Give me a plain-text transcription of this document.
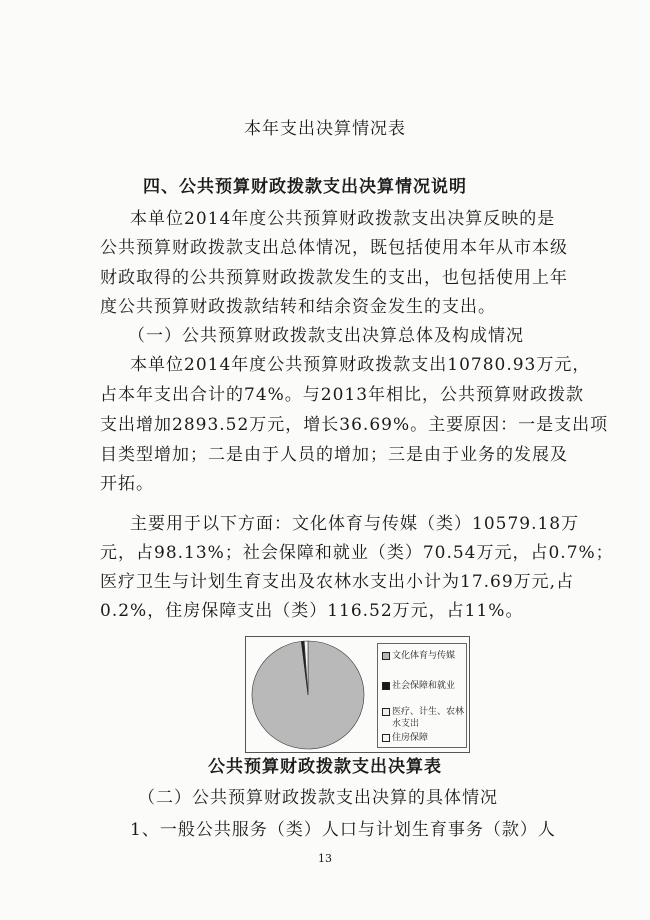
本年支出决算情况表
四、公共预算财政拨款支出决算情况说明
本单位2014年度公共预算财政拨款支出决算反映的是
公共预算财政拨款支出总体情况，既包括使用本年从市本级
财政取得的公共预算财政拨款发生的支出，也包括使用上年
度公共预算财政拨款结转和结余资金发生的支出。
（一）公共预算财政拨款支出决算总体及构成情况
本单位2014年度公共预算财政拨款支出10780.93万元，
占本年支出合计的74%。与2013年相比，公共预算财政拨款
支出增加2893.52万元，增长36.69%。主要原因：一是支出项
目类型增加；二是由于人员的增加；三是由于业务的发展及
开拓。
主要用于以下方面：文化体育与传媒（类）10579.18万
元，占98.13%；社会保障和就业（类）70.54万元，占0.7%；
医疗卫生与计划生育支出及农林水支出小计为17.69万元,占
0.2%，住房保障支出（类）116.52万元，占11%。
文化体育与传媒
社会保障和就业
医疗、计生、农林水支出
住房保障
公共预算财政拨款支出决算表
（二）公共预算财政拨款支出决算的具体情况
1、一般公共服务（类）人口与计划生育事务（款）人
13
